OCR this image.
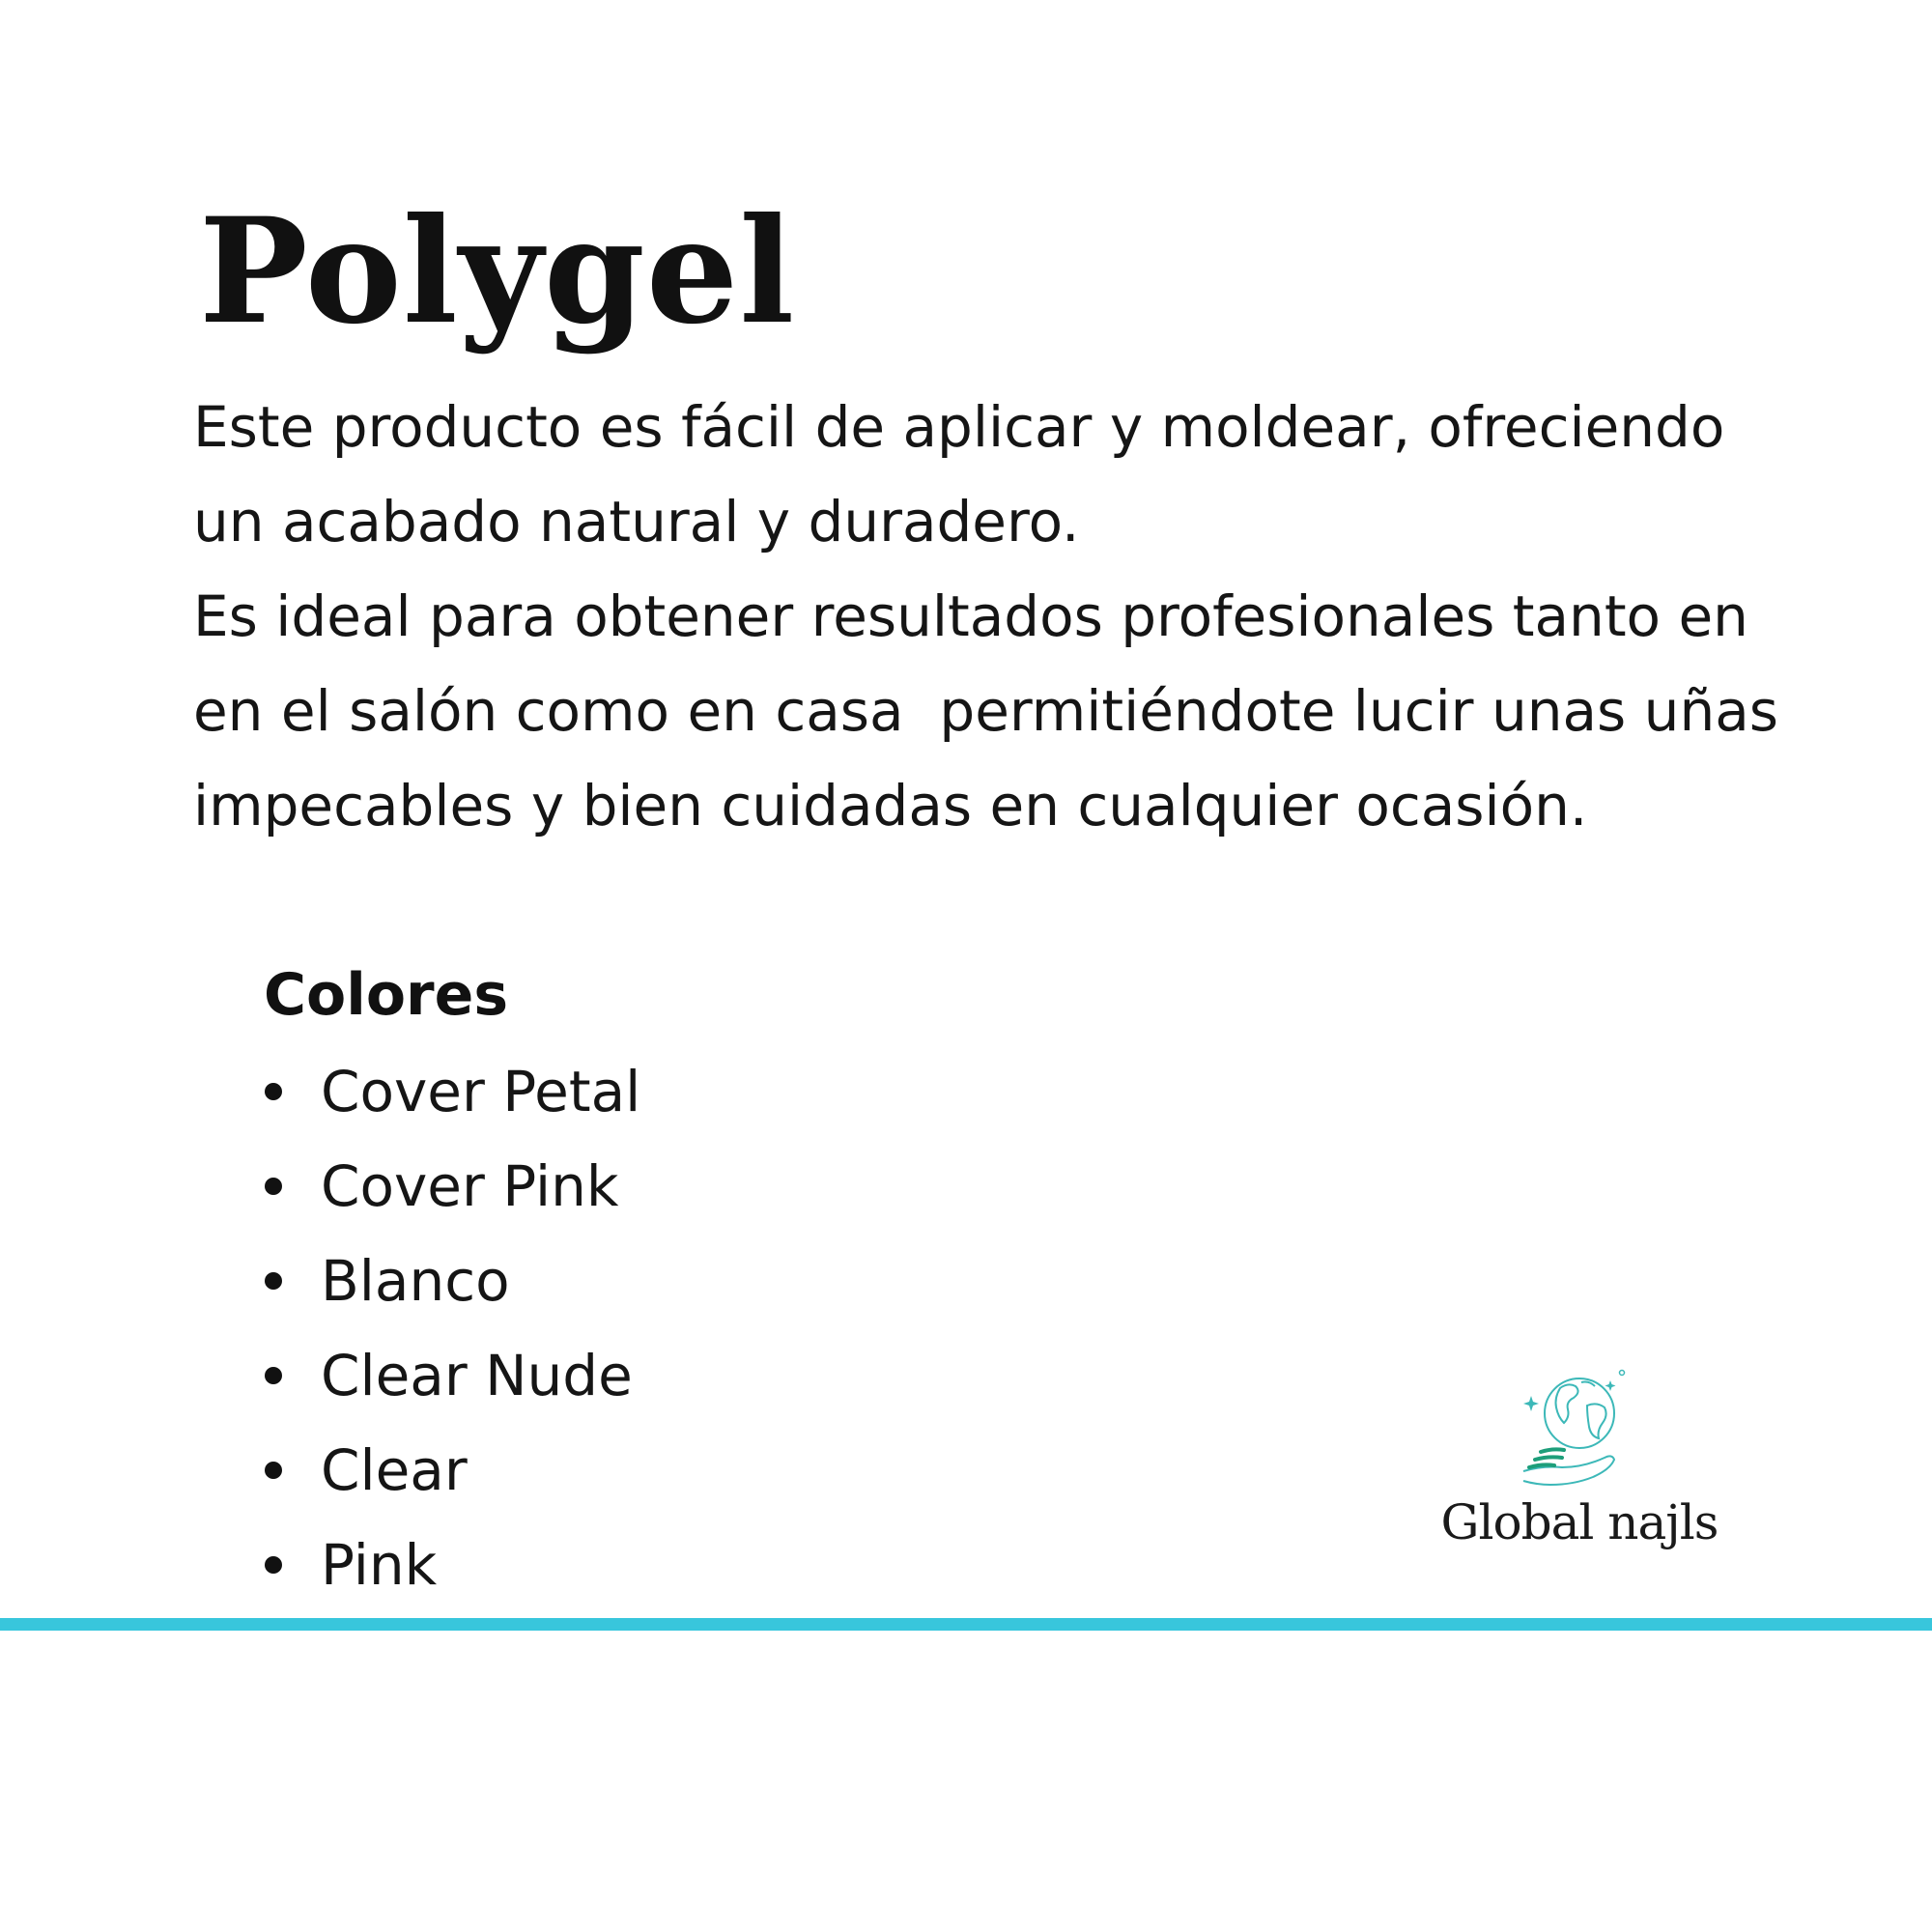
Polygel
Este producto es fácil de aplicar y moldear, ofreciendo
un acabado natural y duradero.
Es ideal para obtener resultados profesionales tanto en
en el salón como en casa  permitiéndote lucir unas uñas
impecables y bien cuidadas en cualquier ocasión.
Colores
Cover Petal
Cover Pink
Blanco
Clear Nude
Clear
Pink
Global najls
